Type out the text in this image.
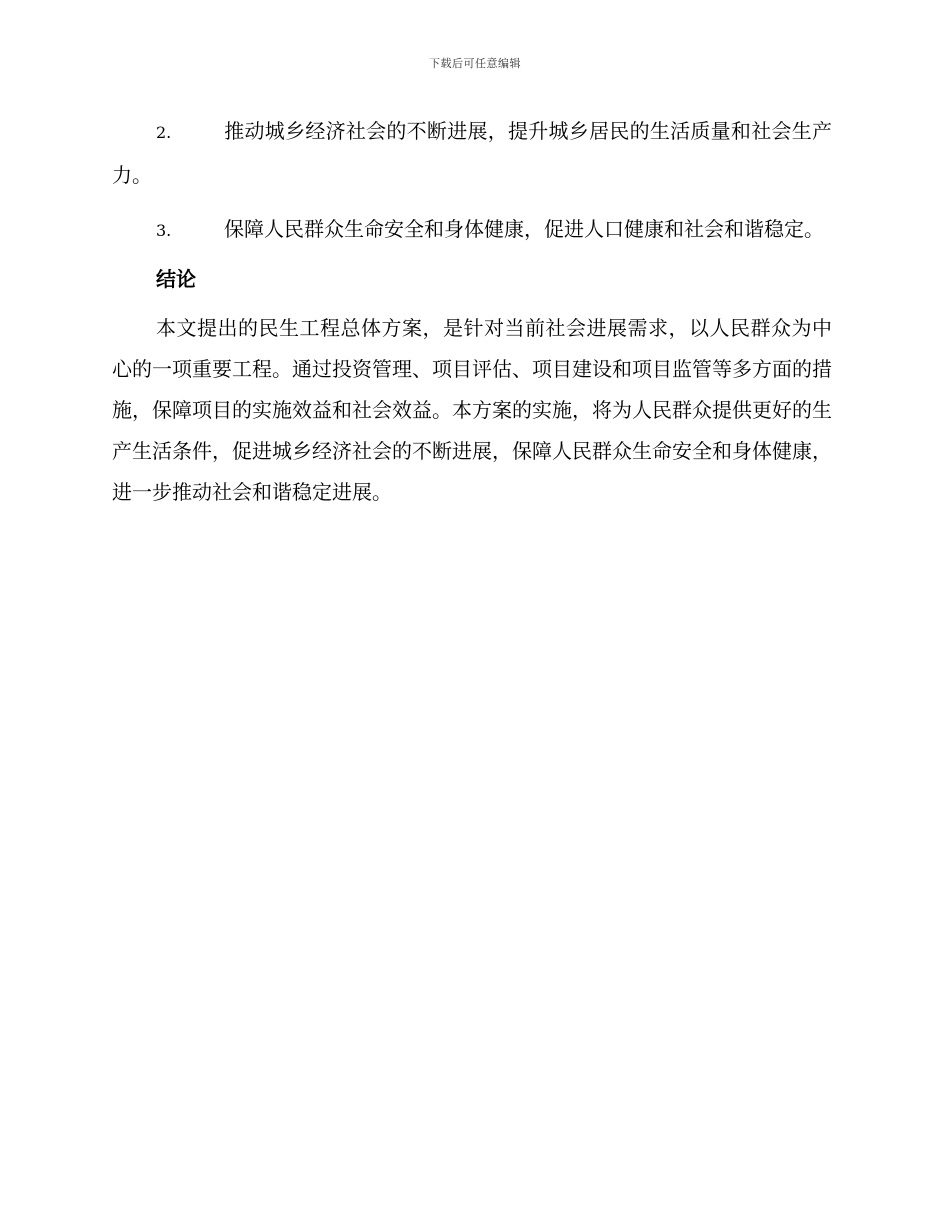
下载后可任意编辑

2.	推动城乡经济社会的不断进展，提升城乡居民的生活质量和社会生产力。

3.	保障人民群众生命安全和身体健康，促进人口健康和社会和谐稳定。

结论

本文提出的民生工程总体方案，是针对当前社会进展需求，以人民群众为中心的一项重要工程。通过投资管理、项目评估、项目建设和项目监管等多方面的措施，保障项目的实施效益和社会效益。本方案的实施，将为人民群众提供更好的生产生活条件，促进城乡经济社会的不断进展，保障人民群众生命安全和身体健康，进一步推动社会和谐稳定进展。
